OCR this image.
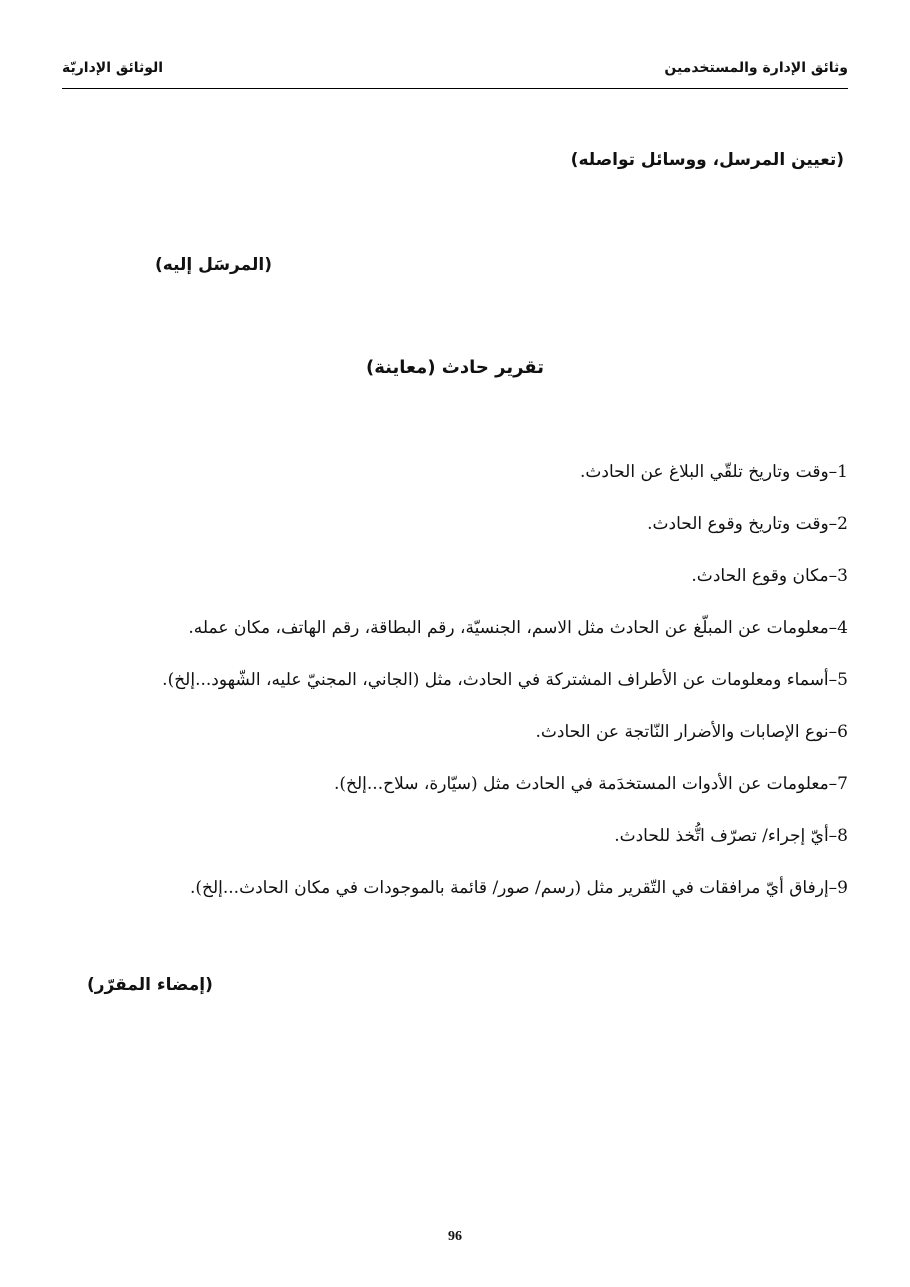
وثائق الإدارة والمستخدمين
الوثائق الإداريّة
(تعيين المرسل، ووسائل تواصله)
(المرسَل إليه)
تقرير حادث (معاينة)
1–وقت وتاريخ تلقّي البلاغ عن الحادث.
2–وقت وتاريخ وقوع الحادث.
3–مكان وقوع الحادث.
4–معلومات عن المبلّغ عن الحادث مثل الاسم، الجنسيّة، رقم البطاقة، رقم الهاتف، مكان عمله.
5–أسماء ومعلومات عن الأطراف المشتركة في الحادث، مثل (الجاني، المجنيّ عليه، الشّهود...إلخ).
6–نوع الإصابات والأضرار النّاتجة عن الحادث.
7–معلومات عن الأدوات المستخدَمة في الحادث مثل (سيّارة، سلاح...إلخ).
8–أيّ إجراء/ تصرّف اتُّخذ للحادث.
9–إرفاق أيّ مرافقات في التّقرير مثل (رسم/ صور/ قائمة بالموجودات في مكان الحادث...إلخ).
(إمضاء المقرّر)
96
